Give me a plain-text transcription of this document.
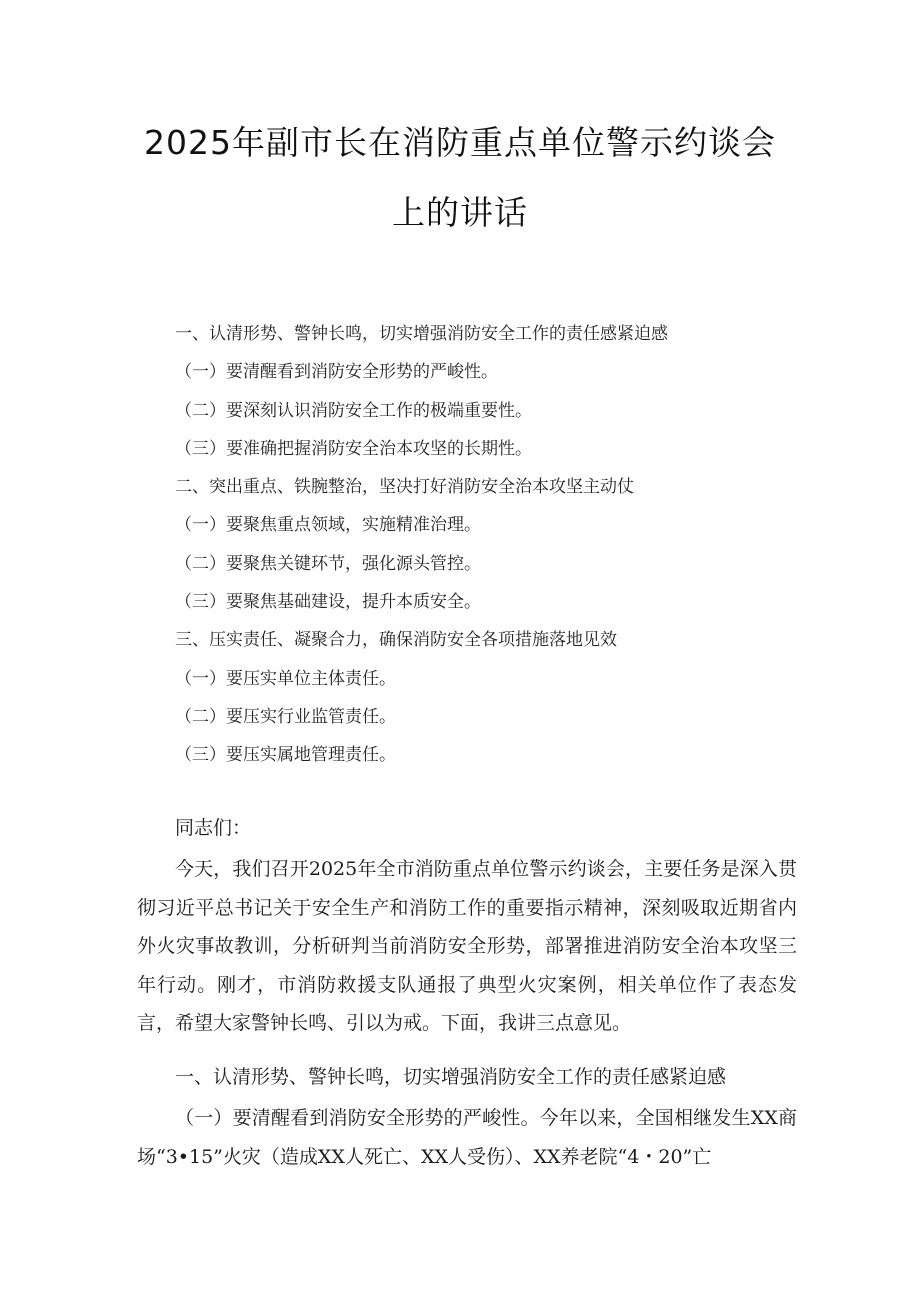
2025年副市长在消防重点单位警示约谈会
上的讲话
一、认清形势、警钟长鸣，切实增强消防安全工作的责任感紧迫感
（一）要清醒看到消防安全形势的严峻性。
（二）要深刻认识消防安全工作的极端重要性。
（三）要准确把握消防安全治本攻坚的长期性。
二、突出重点、铁腕整治，坚决打好消防安全治本攻坚主动仗
（一）要聚焦重点领域，实施精准治理。
（二）要聚焦关键环节，强化源头管控。
（三）要聚焦基础建设，提升本质安全。
三、压实责任、凝聚合力，确保消防安全各项措施落地见效
（一）要压实单位主体责任。
（二）要压实行业监管责任。
（三）要压实属地管理责任。
同志们：

今天，我们召开2025年全市消防重点单位警示约谈会，主要任务是深入贯彻习近平总书记关于安全生产和消防工作的重要指示精神，深刻吸取近期省内外火灾事故教训，分析研判当前消防安全形势，部署推进消防安全治本攻坚三年行动。刚才，市消防救援支队通报了典型火灾案例，相关单位作了表态发言，希望大家警钟长鸣、引以为戒。下面，我讲三点意见。

一、认清形势、警钟长鸣，切实增强消防安全工作的责任感紧迫感

（一）要清醒看到消防安全形势的严峻性。今年以来，全国相继发生XX商场“3•15”火灾（造成XX人死亡、XX人受伤）、XX养老院“4・20”亡
